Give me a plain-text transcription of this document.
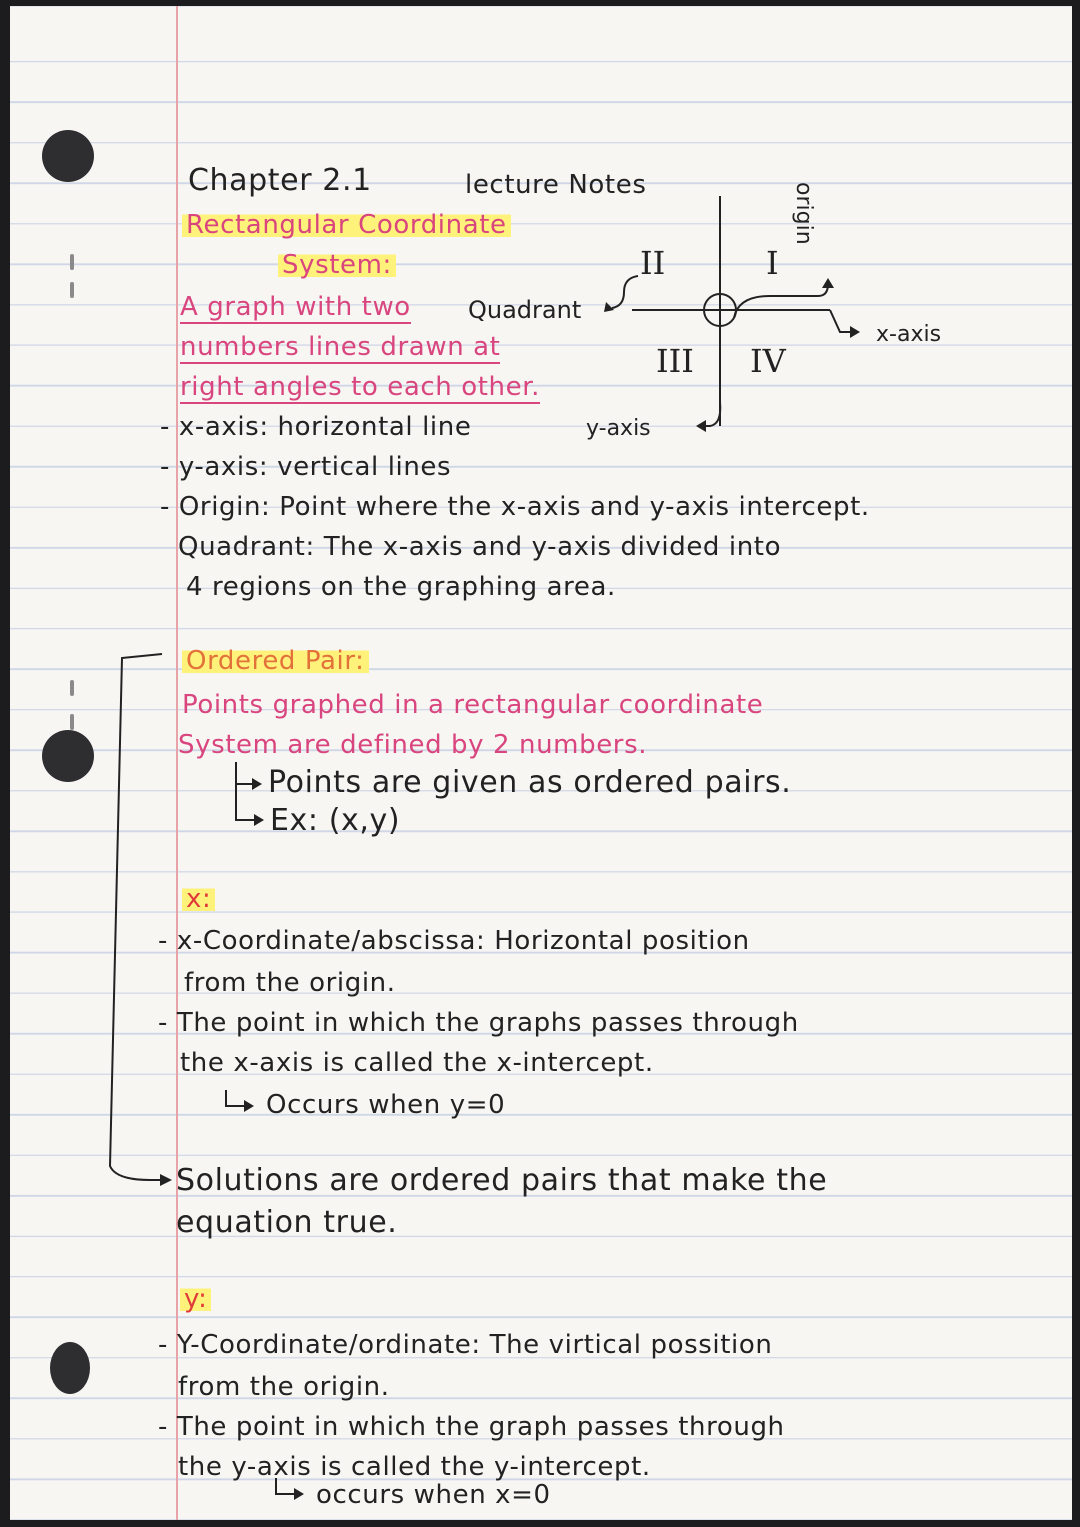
Chapter 2.1	lecture Notes
Rectangular Coordinate
System:
A graph with two
numbers lines drawn at
right angles to each other.
II	I
III IV
Quadrant
origin
x-axis
y-axis
- x-axis: horizontal line
- y-axis: vertical lines
- Origin: Point where the x-axis and y-axis intercept.
Quadrant: The x-axis and y-axis divided into
4 regions on the graphing area.
Ordered Pair:
Points graphed in a rectangular coordinate
System are defined by 2 numbers.
Points are given as ordered pairs.
Ex: (x,y)
x:
- x-Coordinate/abscissa: Horizontal position
from the origin.
- The point in which the graphs passes through
the x-axis is called the x-intercept.
Occurs when y=0
Solutions are ordered pairs that make the
equation true.
y:
- Y-Coordinate/ordinate: The virtical possition
from the origin.
- The point in which the graph passes through
the y-axis is called the y-intercept.
occurs when x=0
